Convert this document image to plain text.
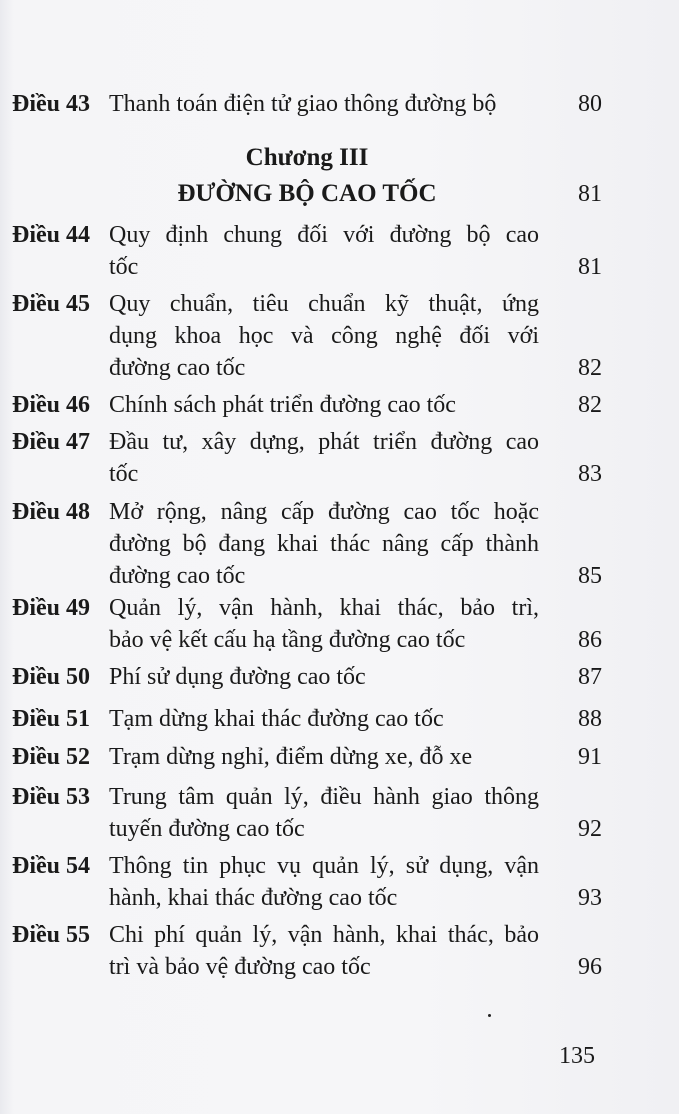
Điều 43 Thanh toán điện tử giao thông đường bộ	80
Chương III
ĐƯỜNG BỘ CAO TỐC	81
Điều 44 Quy định chung đối với đường bộ cao
tốc	81
Điều 45 Quy chuẩn, tiêu chuẩn kỹ thuật, ứng
dụng khoa học và công nghệ đối với
đường cao tốc	82
Điều 46 Chính sách phát triển đường cao tốc	82
Điều 47 Đầu tư, xây dựng, phát triển đường cao
tốc	83
Điều 48 Mở rộng, nâng cấp đường cao tốc hoặc
đường bộ đang khai thác nâng cấp thành
đường cao tốc	85
Điều 49 Quản lý, vận hành, khai thác, bảo trì,
bảo vệ kết cấu hạ tầng đường cao tốc	86
Điều 50 Phí sử dụng đường cao tốc	87
Điều 51 Tạm dừng khai thác đường cao tốc	88
Điều 52 Trạm dừng nghỉ, điểm dừng xe, đỗ xe	91
Điều 53 Trung tâm quản lý, điều hành giao thông
tuyến đường cao tốc	92
Điều 54 Thông tin phục vụ quản lý, sử dụng, vận
hành, khai thác đường cao tốc	93
Điều 55 Chi phí quản lý, vận hành, khai thác, bảo
trì và bảo vệ đường cao tốc	96
135
